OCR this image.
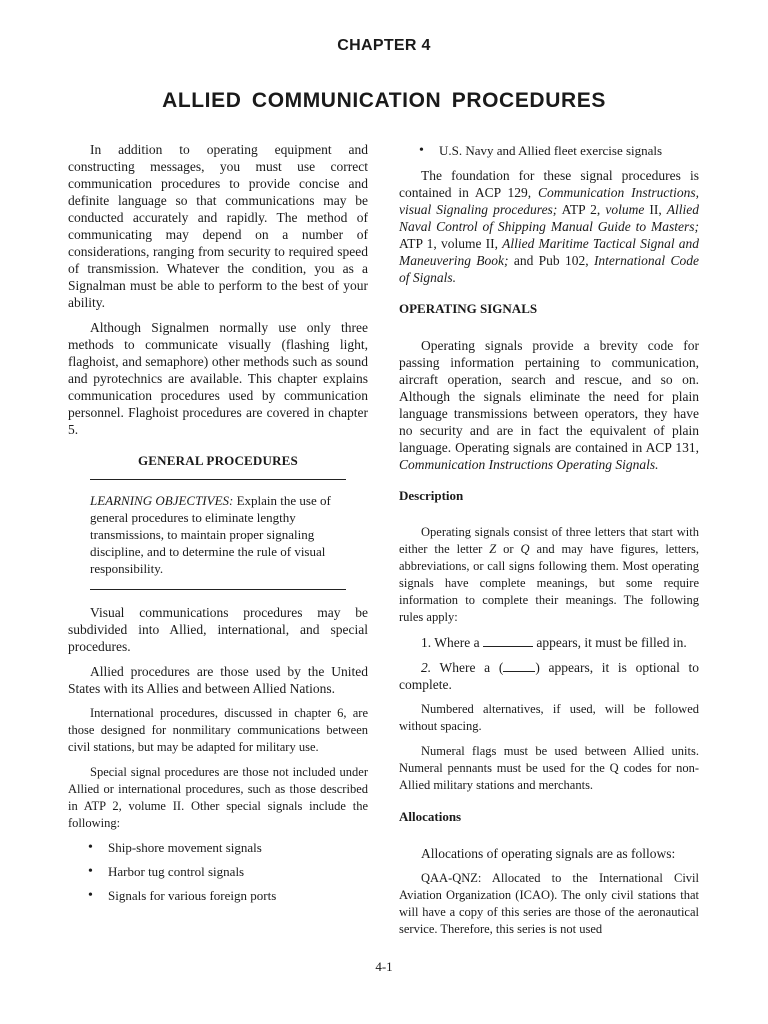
CHAPTER 4
ALLIED COMMUNICATION PROCEDURES

In addition to operating equipment and constructing messages, you must use correct communication procedures to provide concise and definite language so that communications may be conducted accurately and rapidly. The method of communicating may depend on a number of considerations, ranging from security to required speed of transmission. Whatever the condition, you as a Signalman must be able to perform to the best of your ability.

Although Signalmen normally use only three methods to communicate visually (flashing light, flaghoist, and semaphore) other methods such as sound and pyrotechnics are available. This chapter explains communication procedures used by communication personnel. Flaghoist procedures are covered in chapter 5.

GENERAL PROCEDURES

LEARNING OBJECTIVES: Explain the use of general procedures to eliminate lengthy transmissions, to maintain proper signaling discipline, and to determine the rule of visual responsibility.

Visual communications procedures may be subdivided into Allied, international, and special procedures.

Allied procedures are those used by the United States with its Allies and between Allied Nations.

International procedures, discussed in chapter 6, are those designed for nonmilitary communications between civil stations, but may be adapted for military use.

Special signal procedures are those not included under Allied or international procedures, such as those described in ATP 2, volume II. Other special signals include the following:

• Ship-shore movement signals
• Harbor tug control signals
• Signals for various foreign ports
• U.S. Navy and Allied fleet exercise signals

The foundation for these signal procedures is contained in ACP 129, Communication Instructions, visual Signaling procedures; ATP 2, volume II, Allied Naval Control of Shipping Manual Guide to Masters; ATP 1, volume II, Allied Maritime Tactical Signal and Maneuvering Book; and Pub 102, International Code of Signals.

OPERATING SIGNALS

Operating signals provide a brevity code for passing information pertaining to communication, aircraft operation, search and rescue, and so on. Although the signals eliminate the need for plain language transmissions between operators, they have no security and are in fact the equivalent of plain language. Operating signals are contained in ACP 131, Communication Instructions Operating Signals.

Description

Operating signals consist of three letters that start with either the letter Z or Q and may have figures, letters, abbreviations, or call signs following them. Most operating signals have complete meanings, but some require information to complete their meanings. The following rules apply:

1. Where a	appears, it must be filled in.

2. Where a ( ) appears, it is optional to complete.

Numbered alternatives, if used, will be followed without spacing.

Numeral flags must be used between Allied units. Numeral pennants must be used for the Q codes for non-Allied military stations and merchants.

Allocations

Allocations of operating signals are as follows:

QAA-QNZ: Allocated to the International Civil Aviation Organization (ICAO). The only civil stations that will have a copy of this series are those of the aeronautical service. Therefore, this series is not used

4-1
